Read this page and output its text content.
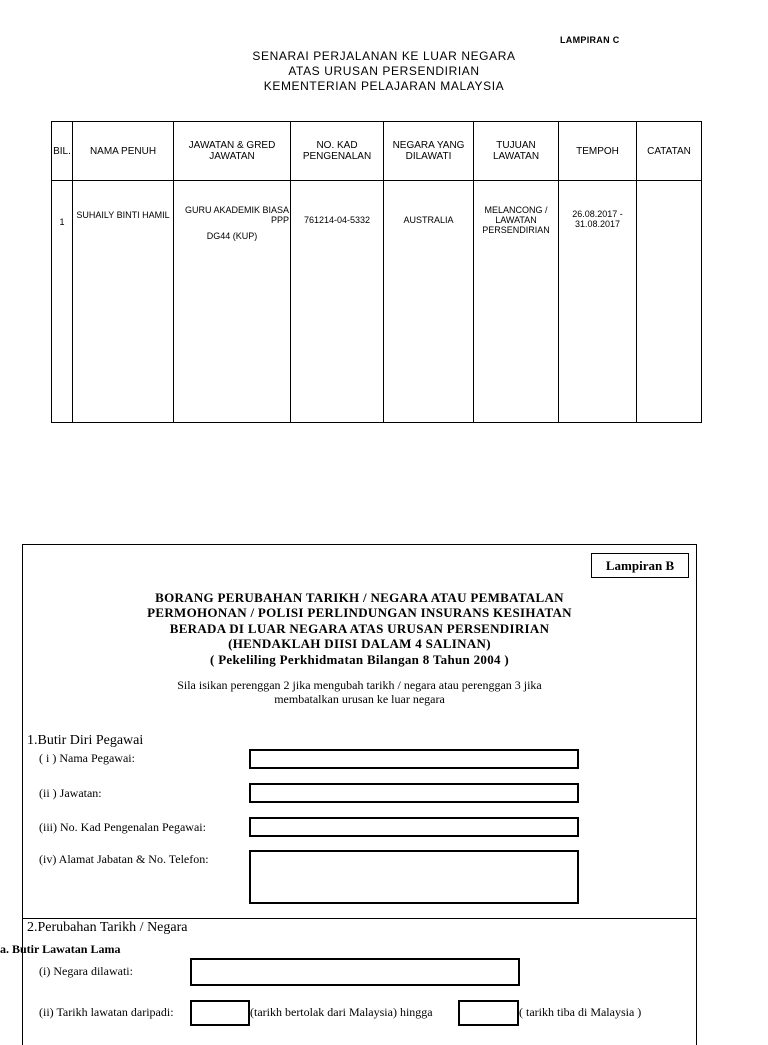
LAMPIRAN C
SENARAI PERJALANAN KE LUAR NEGARA
ATAS URUSAN PERSENDIRIAN
KEMENTERIAN PELAJARAN MALAYSIA
BIL.	NAMA PENUH	JAWATAN & GRED JAWATAN	NO. KAD PENGENALAN	NEGARA YANG DILAWATI	TUJUAN LAWATAN	TEMPOH	CATATAN

1	SUHAILY BINTI HAMIL	GURU AKADEMIK BIASA PPP
DG44 (KUP)	761214-04-5332	AUSTRALIA	MELANCONG / LAWATAN PERSENDIRIAN	26.08.2017 - 31.08.2017	

Lampiran B
BORANG PERUBAHAN TARIKH / NEGARA ATAU PEMBATALAN
PERMOHONAN / POLISI PERLINDUNGAN INSURANS KESIHATAN
BERADA DI LUAR NEGARA ATAS URUSAN PERSENDIRIAN
(HENDAKLAH DIISI DALAM 4 SALINAN)
( Pekeliling Perkhidmatan Bilangan 8 Tahun 2004 )
Sila isikan perenggan 2 jika mengubah tarikh / negara atau perenggan 3 jika
membatalkan urusan ke luar negara
1.Butir Diri Pegawai
( i ) Nama Pegawai:
(ii ) Jawatan:
(iii) No. Kad Pengenalan Pegawai:
(iv) Alamat Jabatan & No. Telefon:
2.Perubahan Tarikh / Negara
a. Butir Lawatan Lama
(i) Negara dilawati:
(ii) Tarikh lawatan daripadi:	(tarikh bertolak dari Malaysia) hingga	( tarikh tiba di Malaysia )
